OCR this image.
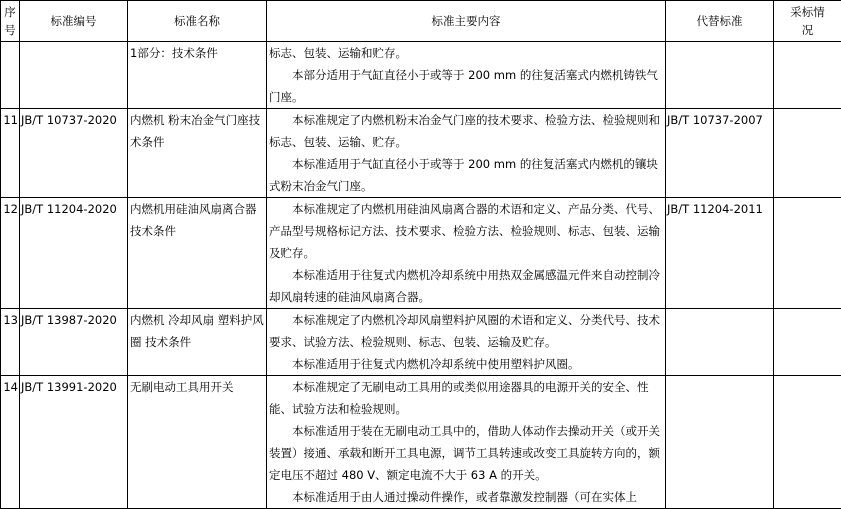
序号	标准编号	标准名称	标准主要内容	代替标准	采标情况
		1部分：技术条件	标志、包装、运输和贮存。

本部分适用于气缸直径小于或等于 200 mm 的往复活塞式内燃机铸铁气门座。		

11	JB/T 10737-2020	内燃机 粉末冶金气门座技术条件	本标准规定了内燃机粉末冶金气门座的技术要求、检验方法、检验规则和标志、包装、运输、贮存。

本标准适用于气缸直径小于或等于 200 mm 的往复活塞式内燃机的镶块式粉末冶金气门座。	JB/T 10737-2007	
12	JB/T 11204-2020	内燃机用硅油风扇离合器技术条件	本标准规定了内燃机用硅油风扇离合器的术语和定义、产品分类、代号、产品型号规格标记方法、技术要求、检验方法、检验规则、标志、包装、运输及贮存。

本标准适用于往复式内燃机冷却系统中用热双金属感温元件来自动控制冷却风扇转速的硅油风扇离合器。	JB/T 11204-2011	
13	JB/T 13987-2020	内燃机 冷却风扇 塑料护风圈 技术条件	本标准规定了内燃机冷却风扇塑料护风圈的术语和定义、分类代号、技术要求、试验方法、检验规则、标志、包装、运输及贮存。

本标准适用于往复式内燃机冷却系统中使用塑料护风圈。		

14	JB/T 13991-2020	无刷电动工具用开关	本标准规定了无刷电动工具用的或类似用途器具的电源开关的安全、性能、试验方法和检验规则。

本标准适用于装在无刷电动工具中的，借助人体动作去操动开关（或开关装置）接通、承载和断开工具电源，调节工具转速或改变工具旋转方向的，额定电压不超过 480 V、额定电流不大于 63 A 的开关。

本标准适用于由人通过操动件操作，或者靠激发控制器（可在实体上		
